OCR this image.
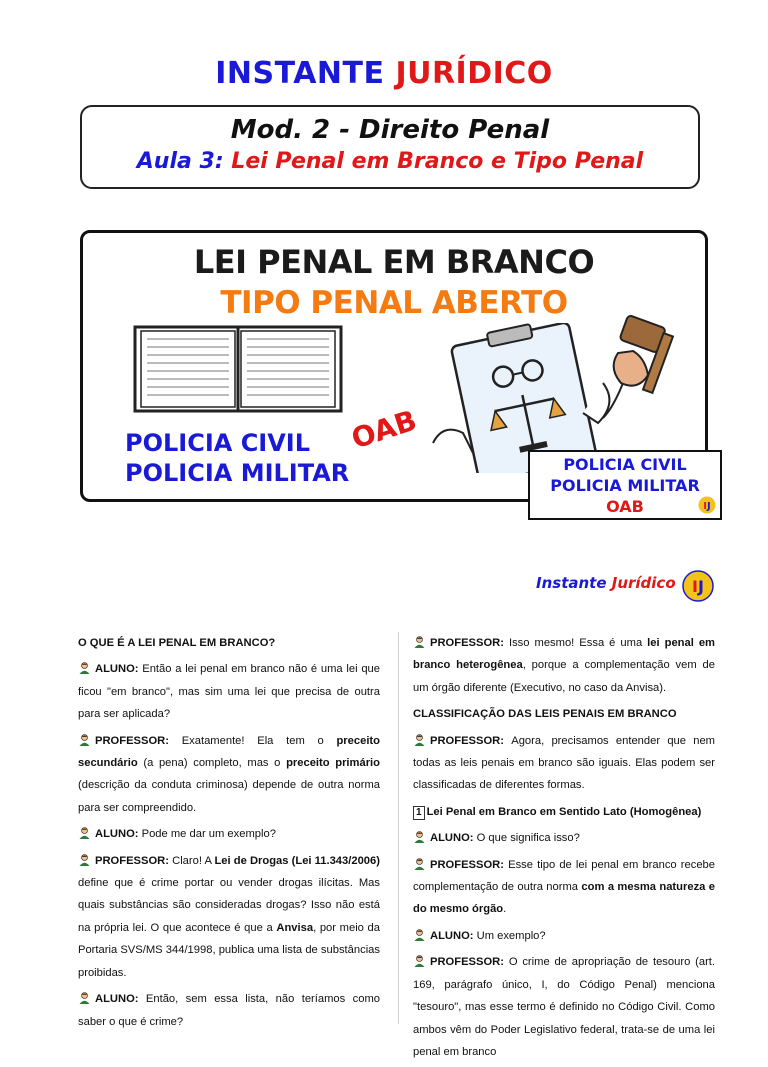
INSTANTE JURÍDICO
Mod. 2 - Direito Penal
Aula 3: Lei Penal em Branco e Tipo Penal
LEI PENAL EM BRANCO
TIPO PENAL ABERTO
POLICIA CIVIL
POLICIA MILITAR
OAB
POLICIA CIVIL
POLICIA MILITAR
OAB	IJ
Instante Jurídico IJ

O QUE É A LEI PENAL EM BRANCO?

ALUNO: Então a lei penal em branco não é uma lei que ficou "em branco", mas sim uma lei que precisa de outra para ser aplicada?

PROFESSOR: Exatamente! Ela tem o preceito secundário (a pena) completo, mas o preceito primário (descrição da conduta criminosa) depende de outra norma para ser compreendido.

ALUNO: Pode me dar um exemplo?

PROFESSOR: Claro! A Lei de Drogas (Lei 11.343/2006) define que é crime portar ou vender drogas ilícitas. Mas quais substâncias são consideradas drogas? Isso não está na própria lei. O que acontece é que a Anvisa, por meio da Portaria SVS/MS 344/1998, publica uma lista de substâncias proibidas.

ALUNO: Então, sem essa lista, não teríamos como saber o que é crime?

PROFESSOR: Isso mesmo! Essa é uma lei penal em branco heterogênea, porque a complementação vem de um órgão diferente (Executivo, no caso da Anvisa).

CLASSIFICAÇÃO DAS LEIS PENAIS EM BRANCO

PROFESSOR: Agora, precisamos entender que nem todas as leis penais em branco são iguais. Elas podem ser classificadas de diferentes formas.

1 Lei Penal em Branco em Sentido Lato (Homogênea)

ALUNO: O que significa isso?

PROFESSOR: Esse tipo de lei penal em branco recebe complementação de outra norma com a mesma natureza e do mesmo órgão.

ALUNO: Um exemplo?

PROFESSOR: O crime de apropriação de tesouro (art. 169, parágrafo único, I, do Código Penal) menciona "tesouro", mas esse termo é definido no Código Civil. Como ambos vêm do Poder Legislativo federal, trata-se de uma lei penal em branco
